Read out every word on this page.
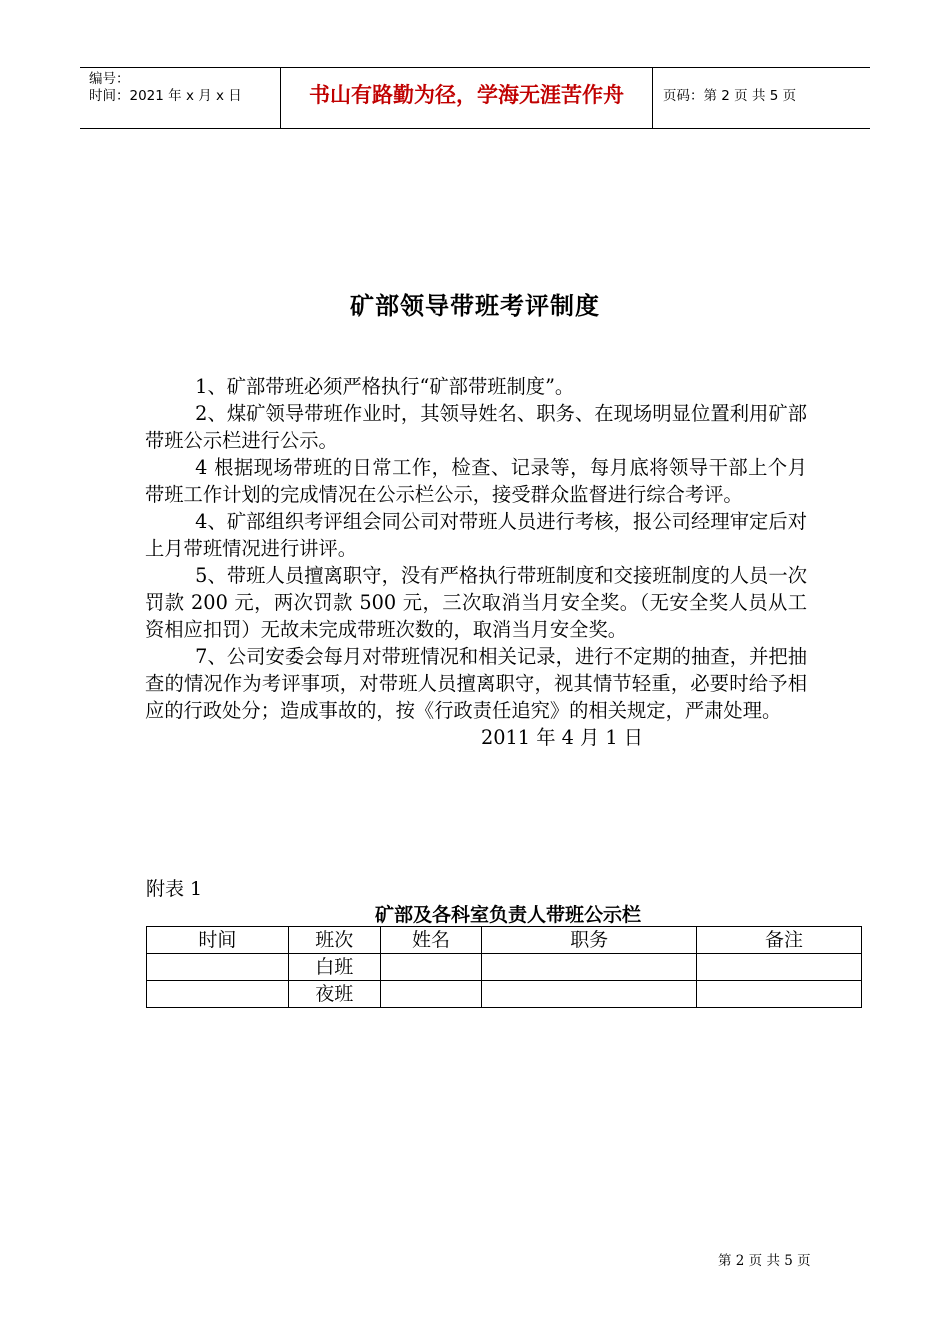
编号：
时间：2021 年 x 月 x 日	书山有路勤为径，学海无涯苦作舟	页码：第 2 页 共 5 页
矿部领导带班考评制度

1、矿部带班必须严格执行“矿部带班制度”。

2、煤矿领导带班作业时，其领导姓名、职务、在现场明显位置利用矿部带班公示栏进行公示。

4 根据现场带班的日常工作，检查、记录等，每月底将领导干部上个月带班工作计划的完成情况在公示栏公示，接受群众监督进行综合考评。

4、矿部组织考评组会同公司对带班人员进行考核，报公司经理审定后对上月带班情况进行讲评。

5、带班人员擅离职守，没有严格执行带班制度和交接班制度的人员一次罚款 200 元，两次罚款 500 元，三次取消当月安全奖。（无安全奖人员从工资相应扣罚）无故未完成带班次数的，取消当月安全奖。

7、公司安委会每月对带班情况和相关记录，进行不定期的抽查，并把抽查的情况作为考评事项，对带班人员擅离职守，视其情节轻重，必要时给予相应的行政处分；造成事故的，按《行政责任追究》的相关规定，严肃处理。

2011 年 4 月 1 日

附表 1
矿部及各科室负责人带班公示栏
时间	班次	姓名	职务	备注
	白班			
	夜班			
第 2 页 共 5 页
